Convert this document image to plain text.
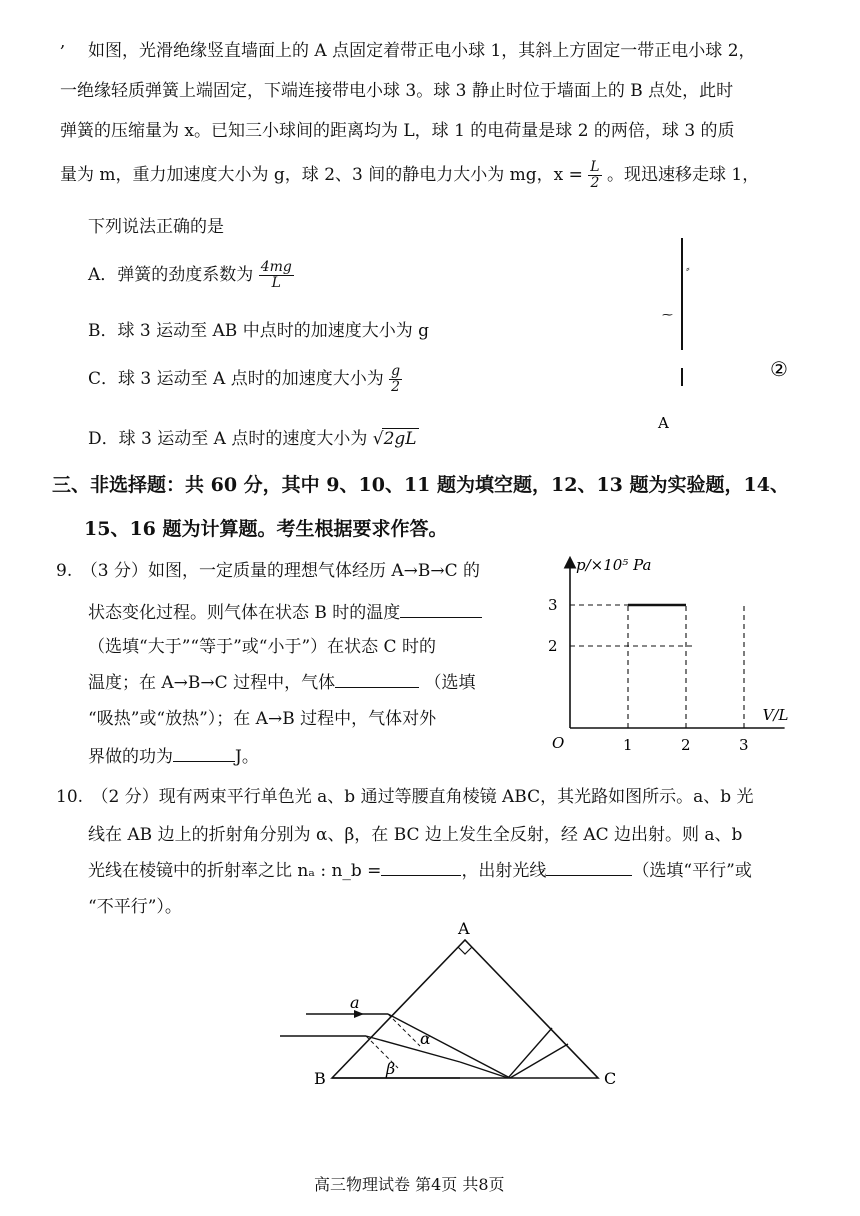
, 如图，光滑绝缘竖直墙面上的 A 点固定着带正电小球 1，其斜上方固定一带正电小球 2，
一绝缘轻质弹簧上端固定，下端连接带电小球 3。球 3 静止时位于墙面上的 B 点处，此时
弹簧的压缩量为 x。已知三小球间的距离均为 L，球 1 的电荷量是球 2 的两倍，球 3 的质
量为 m，重力加速度大小为 g，球 2、3 间的静电力大小为 mg，$x = \frac{L}{2}$ 。现迅速移走球 1，
下列说法正确的是
A．弹簧的劲度系数为 $\frac{4mg}{L}$
B．球 3 运动至 AB 中点时的加速度大小为 g
C．球 3 运动至 A 点时的加速度大小为 $\frac{g}{2}$
D．球 3 运动至 A 点时的速度大小为 √2gL
⸗
⁓
②
A
三、非选择题：共 60 分，其中 9、10、11 题为填空题，12、13 题为实验题，14、
15、16 题为计算题。考生根据要求作答。
9.　（3 分）如图，一定质量的理想气体经历 A→B→C 的
状态变化过程。则气体在状态 B 时的温度
（选填“大于”“等于”或“小于”）在状态 C 时的
温度；在 A→B→C 过程中，气体	（选填
“吸热”或“放热”）；在 A→B 过程中，气体对外
界做的功为	J。
1	2	3
2
3
p/×10⁵ Pa
V/L
O
10.　（2 分）现有两束平行单色光 a、b 通过等腰直角棱镜 ABC，其光路如图所示。a、b 光
线在 AB 边上的折射角分别为 α、β，在 BC 边上发生全反射，经 AC 边出射。则 a、b
光线在棱镜中的折射率之比 nₐ : n_b =	，出射光线	（选填“平行”或
“不平行”）。
A
B	C
a
α
β
高三物理试卷 第4页 共8页
